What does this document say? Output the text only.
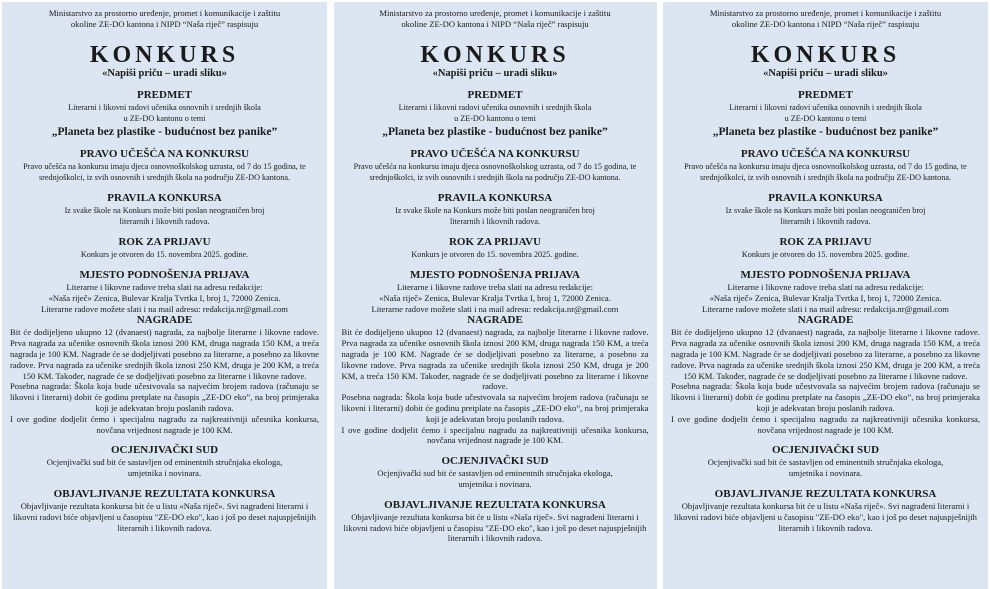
Ministarstvo za prostorno uređenje, promet i komunikacije i zaštitu

okoline ZE-DO kantona i NIPD “Naša riječ” raspisuju

KONKURS

«Napiši priču – uradi sliku»

PREDMET

Literarni i likovni radovi učenika osnovnih i srednjih škola

u ZE-DO kantonu o temi

„Planeta bez plastike - budućnost bez panike”

PRAVO UČEŠĆA NA KONKURSU

Pravo učešća na konkursu imaju djeca osnovnoškolskog uzrasta, od 7 do 15 godina, te

srednjoškolci, iz svih osnovnih i srednjih škola na području ZE-DO kantona.

PRAVILA KONKURSA

Iz svake škole na Konkurs može biti poslan neograničen broj

literarnih i likovnih radova.

ROK ZA PRIJAVU

Konkurs je otvoren do 15. novembra 2025. godine.

MJESTO PODNOŠENJA PRIJAVA

Literarne i likovne radove treba slati na adresu redakcije:

«Naša riječ» Zenica, Bulevar Kralja Tvrtka I, broj 1, 72000 Zenica.

Literarne radove možete slati i na mail adresu: redakcija.nr@gmail.com

NAGRADE

Bit će dodijeljeno ukupno 12 (dvanaest) nagrada, za najbolje literarne i likovne radove. Prva nagrada za učenike osnovnih škola iznosi 200 KM, druga nagrada 150 KM, a treća nagrada je 100 KM. Nagrade će se dodjeljivati posebno za literarne, a posebno za likovne radove. Prva nagrada za učenike srednjih škola iznosi 250 KM, druga je 200 KM, a treća 150 KM. Također, nagrade će se dodjeljivati posebno za literarne i likovne radove.

Posebna nagrada: Škola koja bude učestvovala sa najvećim brojem radova (računaju se likovni i literarni) dobit će godinu pretplate na časopis „ZE-DO eko”, na broj primjeraka koji je adekvatan broju poslanih radova.

I ove godine dodjelit ćemo i specijalnu nagradu za najkreativniji učesnika konkursa, novčana vrijednost nagrade je 100 KM.

OCJENJIVAČKI SUD

Ocjenjivački sud bit će sastavljen od eminentnih stručnjaka ekologa,

umjetnika i novinara.

OBJAVLJIVANJE REZULTATA KONKURSA

Objavljivanje rezultata konkursa bit će u listu «Naša riječ». Svi nagrađeni literarni i likovni radovi biće objavljeni u časopisu "ZE-DO eko", kao i još po deset najuspješnijih literarnih i likovnih radova.

Ministarstvo za prostorno uređenje, promet i komunikacije i zaštitu

okoline ZE-DO kantona i NIPD “Naša riječ” raspisuju

KONKURS

«Napiši priču – uradi sliku»

PREDMET

Literarni i likovni radovi učenika osnovnih i srednjih škola

u ZE-DO kantonu o temi

„Planeta bez plastike - budućnost bez panike”

PRAVO UČEŠĆA NA KONKURSU

Pravo učešća na konkursu imaju djeca osnovnoškolskog uzrasta, od 7 do 15 godina, te

srednjoškolci, iz svih osnovnih i srednjih škola na području ZE-DO kantona.

PRAVILA KONKURSA

Iz svake škole na Konkurs može biti poslan neograničen broj

literarnih i likovnih radova.

ROK ZA PRIJAVU

Konkurs je otvoren do 15. novembra 2025. godine.

MJESTO PODNOŠENJA PRIJAVA

Literarne i likovne radove treba slati na adresu redakcije:

«Naša riječ» Zenica, Bulevar Kralja Tvrtka I, broj 1, 72000 Zenica.

Literarne radove možete slati i na mail adresu: redakcija.nr@gmail.com

NAGRADE

Bit će dodijeljeno ukupno 12 (dvanaest) nagrada, za najbolje literarne i likovne radove. Prva nagrada za učenike osnovnih škola iznosi 200 KM, druga nagrada 150 KM, a treća nagrada je 100 KM. Nagrade će se dodjeljivati posebno za literarne, a posebno za likovne radove. Prva nagrada za učenike srednjih škola iznosi 250 KM, druga je 200 KM, a treća 150 KM. Također, nagrade će se dodjeljivati posebno za literarne i likovne radove.

Posebna nagrada: Škola koja bude učestvovala sa najvećim brojem radova (računaju se likovni i literarni) dobit će godinu pretplate na časopis „ZE-DO eko”, na broj primjeraka koji je adekvatan broju poslanih radova.

I ove godine dodjelit ćemo i specijalnu nagradu za najkreativniji učesnika konkursa, novčana vrijednost nagrade je 100 KM.

OCJENJIVAČKI SUD

Ocjenjivački sud bit će sastavljen od eminentnih stručnjaka ekologa,

umjetnika i novinara.

OBJAVLJIVANJE REZULTATA KONKURSA

Objavljivanje rezultata konkursa bit će u listu «Naša riječ». Svi nagrađeni literarni i likovni radovi biće objavljeni u časopisu "ZE-DO eko", kao i još po deset najuspješnijih literarnih i likovnih radova.

Ministarstvo za prostorno uređenje, promet i komunikacije i zaštitu

okoline ZE-DO kantona i NIPD “Naša riječ” raspisuju

KONKURS

«Napiši priču – uradi sliku»

PREDMET

Literarni i likovni radovi učenika osnovnih i srednjih škola

u ZE-DO kantonu o temi

„Planeta bez plastike - budućnost bez panike”

PRAVO UČEŠĆA NA KONKURSU

Pravo učešća na konkursu imaju djeca osnovnoškolskog uzrasta, od 7 do 15 godina, te

srednjoškolci, iz svih osnovnih i srednjih škola na području ZE-DO kantona.

PRAVILA KONKURSA

Iz svake škole na Konkurs može biti poslan neograničen broj

literarnih i likovnih radova.

ROK ZA PRIJAVU

Konkurs je otvoren do 15. novembra 2025. godine.

MJESTO PODNOŠENJA PRIJAVA

Literarne i likovne radove treba slati na adresu redakcije:

«Naša riječ» Zenica, Bulevar Kralja Tvrtka I, broj 1, 72000 Zenica.

Literarne radove možete slati i na mail adresu: redakcija.nr@gmail.com

NAGRADE

Bit će dodijeljeno ukupno 12 (dvanaest) nagrada, za najbolje literarne i likovne radove. Prva nagrada za učenike osnovnih škola iznosi 200 KM, druga nagrada 150 KM, a treća nagrada je 100 KM. Nagrade će se dodjeljivati posebno za literarne, a posebno za likovne radove. Prva nagrada za učenike srednjih škola iznosi 250 KM, druga je 200 KM, a treća 150 KM. Također, nagrade će se dodjeljivati posebno za literarne i likovne radove.

Posebna nagrada: Škola koja bude učestvovala sa najvećim brojem radova (računaju se likovni i literarni) dobit će godinu pretplate na časopis „ZE-DO eko”, na broj primjeraka koji je adekvatan broju poslanih radova.

I ove godine dodjelit ćemo i specijalnu nagradu za najkreativniji učesnika konkursa, novčana vrijednost nagrade je 100 KM.

OCJENJIVAČKI SUD

Ocjenjivački sud bit će sastavljen od eminentnih stručnjaka ekologa,

umjetnika i novinara.

OBJAVLJIVANJE REZULTATA KONKURSA

Objavljivanje rezultata konkursa bit će u listu «Naša riječ». Svi nagrađeni literarni i likovni radovi biće objavljeni u časopisu "ZE-DO eko", kao i još po deset najuspješnijih literarnih i likovnih radova.
